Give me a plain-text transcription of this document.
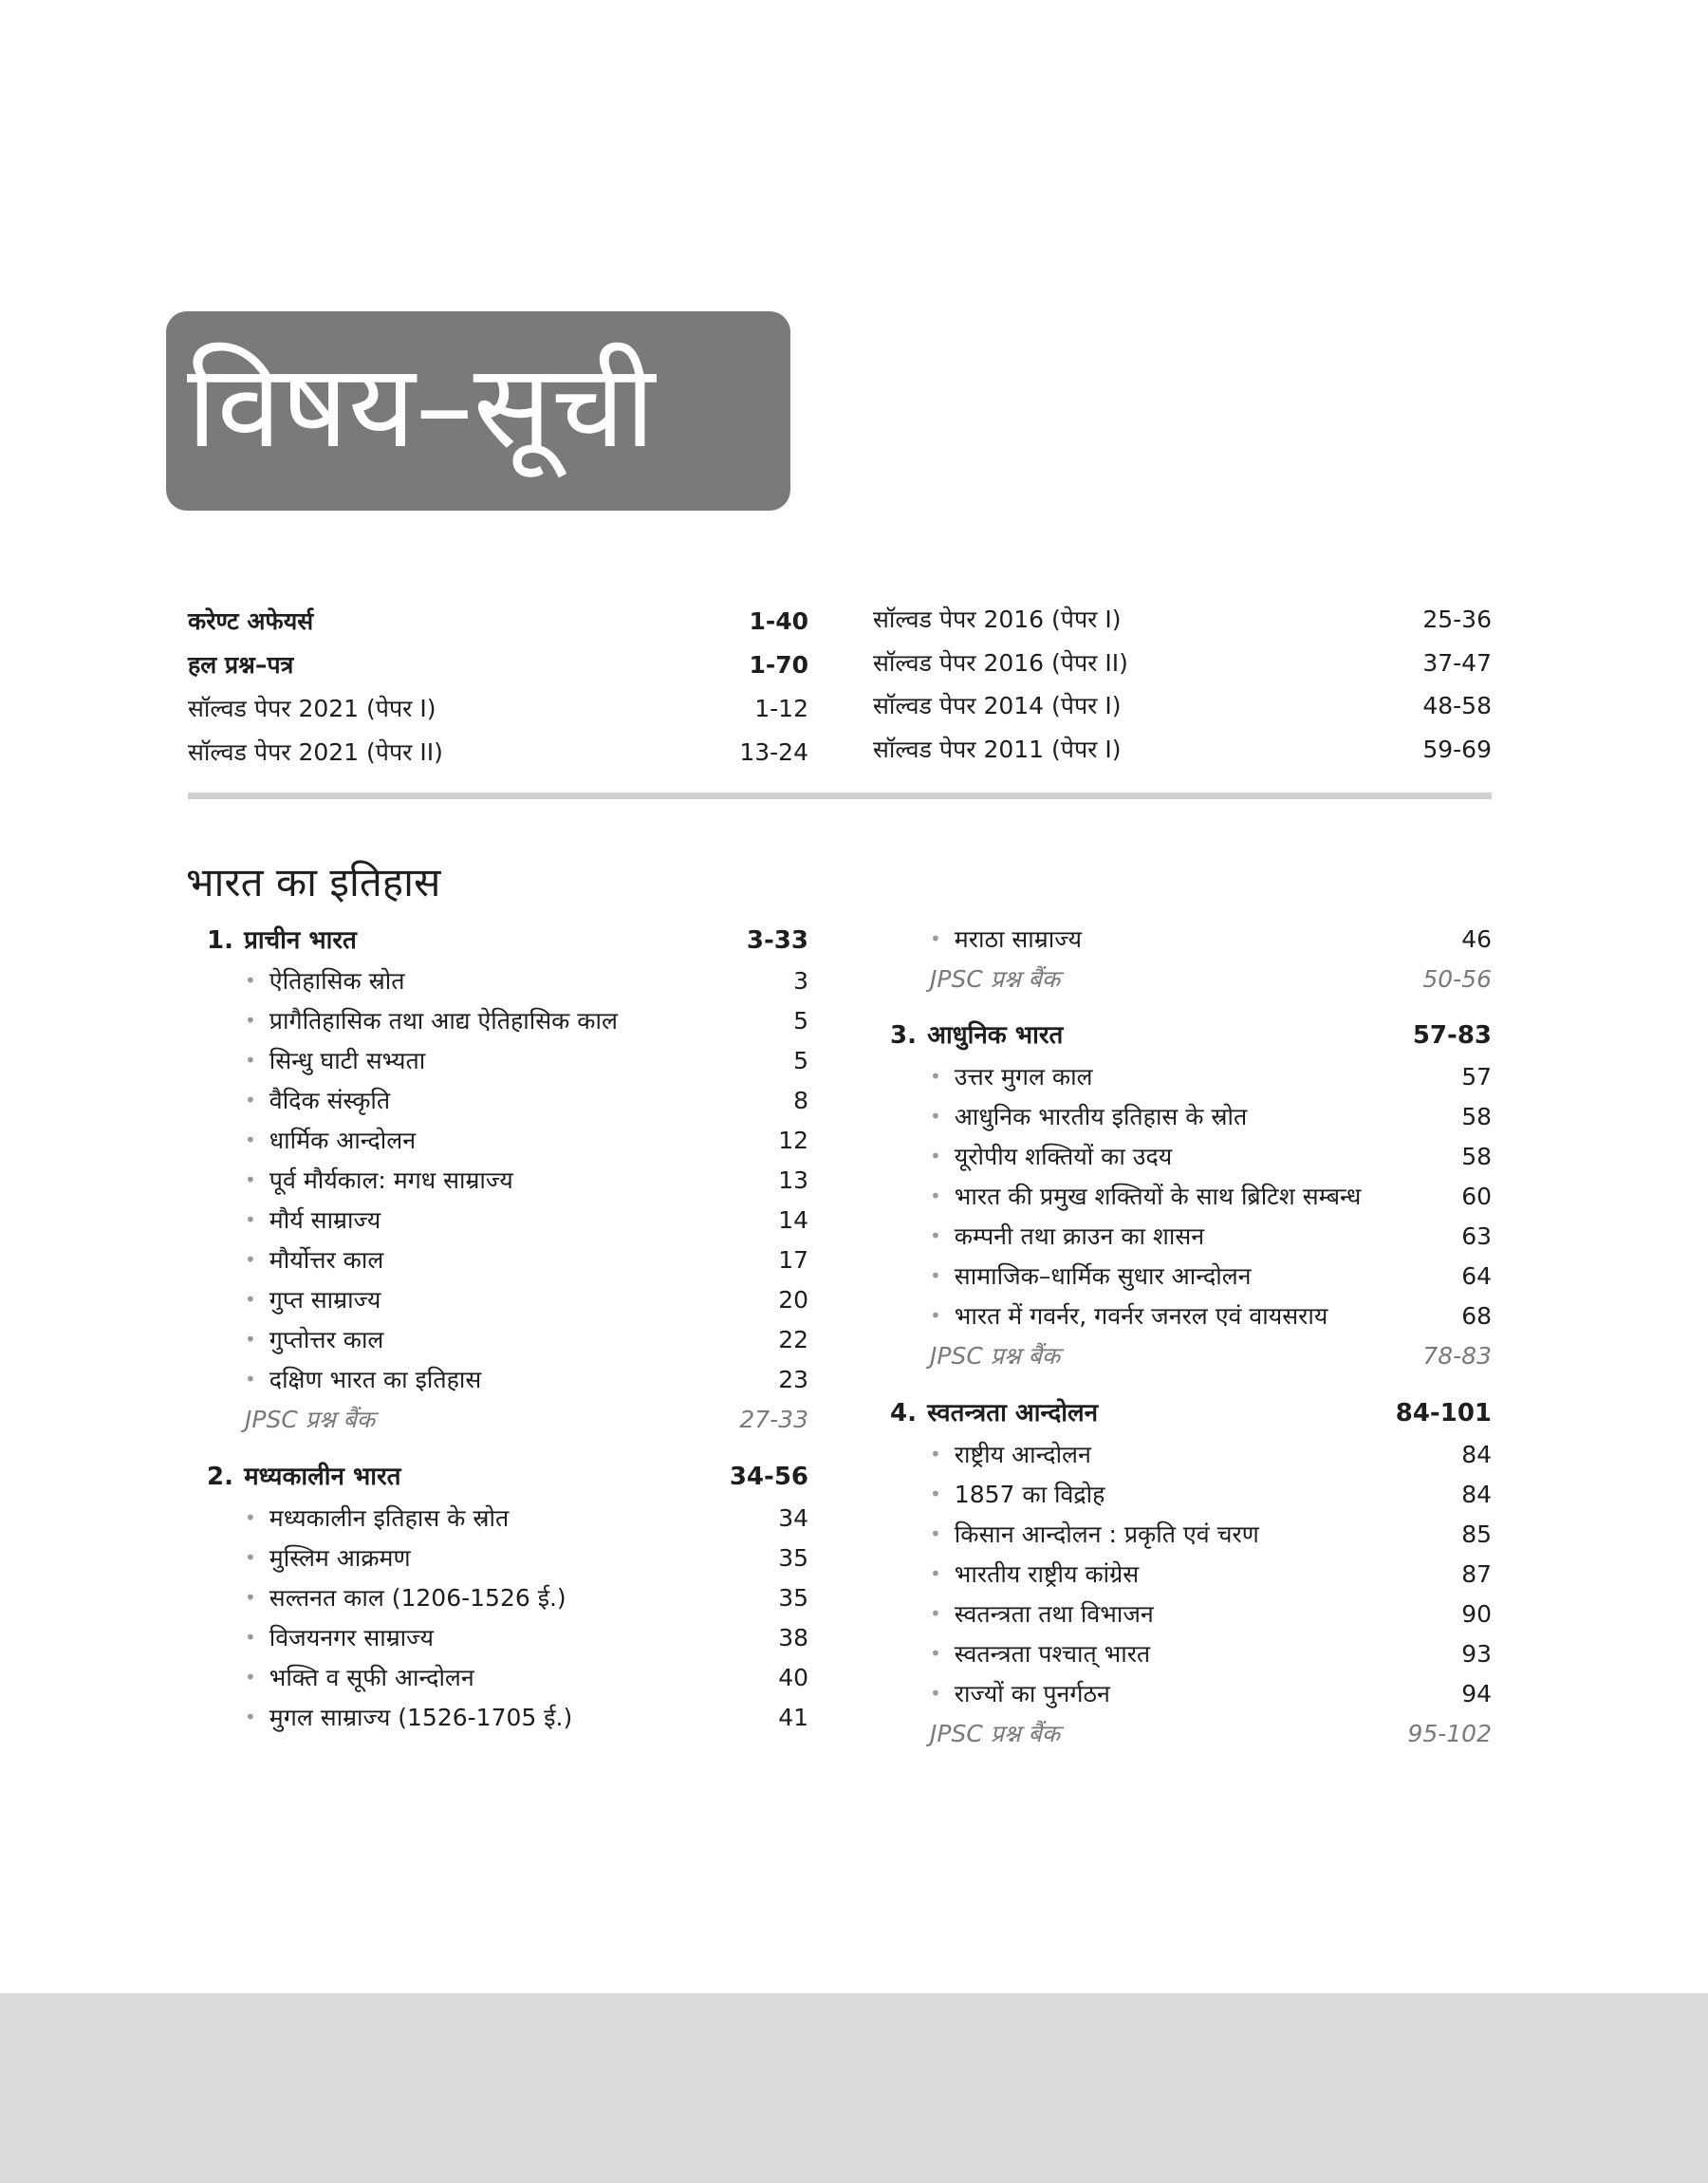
विषय–सूची
करेण्ट अफेयर्स	1-40
हल प्रश्न–पत्र	1-70
सॉल्वड पेपर 2021 (पेपर I)	1-12
सॉल्वड पेपर 2021 (पेपर II)	13-24
सॉल्वड पेपर 2016 (पेपर I)	25-36
सॉल्वड पेपर 2016 (पेपर II)	37-47
सॉल्वड पेपर 2014 (पेपर I)	48-58
सॉल्वड पेपर 2011 (पेपर I)	59-69
भारत का इतिहास
1. प्राचीन भारत	3-33
• ऐतिहासिक स्रोत	3
• प्रागैतिहासिक तथा आद्य ऐतिहासिक काल	5
• सिन्धु घाटी सभ्यता	5
• वैदिक संस्कृति	8
• धार्मिक आन्दोलन	12
• पूर्व मौर्यकाल: मगध साम्राज्य	13
• मौर्य साम्राज्य	14
• मौर्योत्तर काल	17
• गुप्त साम्राज्य	20
• गुप्तोत्तर काल	22
• दक्षिण भारत का इतिहास	23
JPSC प्रश्न बैंक	27-33
2. मध्यकालीन भारत	34-56
• मध्यकालीन इतिहास के स्रोत	34
• मुस्लिम आक्रमण	35
• सल्तनत काल (1206-1526 ई.)	35
• विजयनगर साम्राज्य	38
• भक्ति व सूफी आन्दोलन	40
• मुगल साम्राज्य (1526-1705 ई.)	41
• मराठा साम्राज्य	46
JPSC प्रश्न बैंक	50-56
3. आधुनिक भारत	57-83
• उत्तर मुगल काल	57
• आधुनिक भारतीय इतिहास के स्रोत	58
• यूरोपीय शक्तियों का उदय	58
• भारत की प्रमुख शक्तियों के साथ ब्रिटिश सम्बन्ध	60
• कम्पनी तथा क्राउन का शासन	63
• सामाजिक–धार्मिक सुधार आन्दोलन	64
• भारत में गवर्नर, गवर्नर जनरल एवं वायसराय	68
JPSC प्रश्न बैंक	78-83
4. स्वतन्त्रता आन्दोलन	84-101
• राष्ट्रीय आन्दोलन	84
• 1857 का विद्रोह	84
• किसान आन्दोलन : प्रकृति एवं चरण	85
• भारतीय राष्ट्रीय कांग्रेस	87
• स्वतन्त्रता तथा विभाजन	90
• स्वतन्त्रता पश्चात् भारत	93
• राज्यों का पुनर्गठन	94
JPSC प्रश्न बैंक	95-102
